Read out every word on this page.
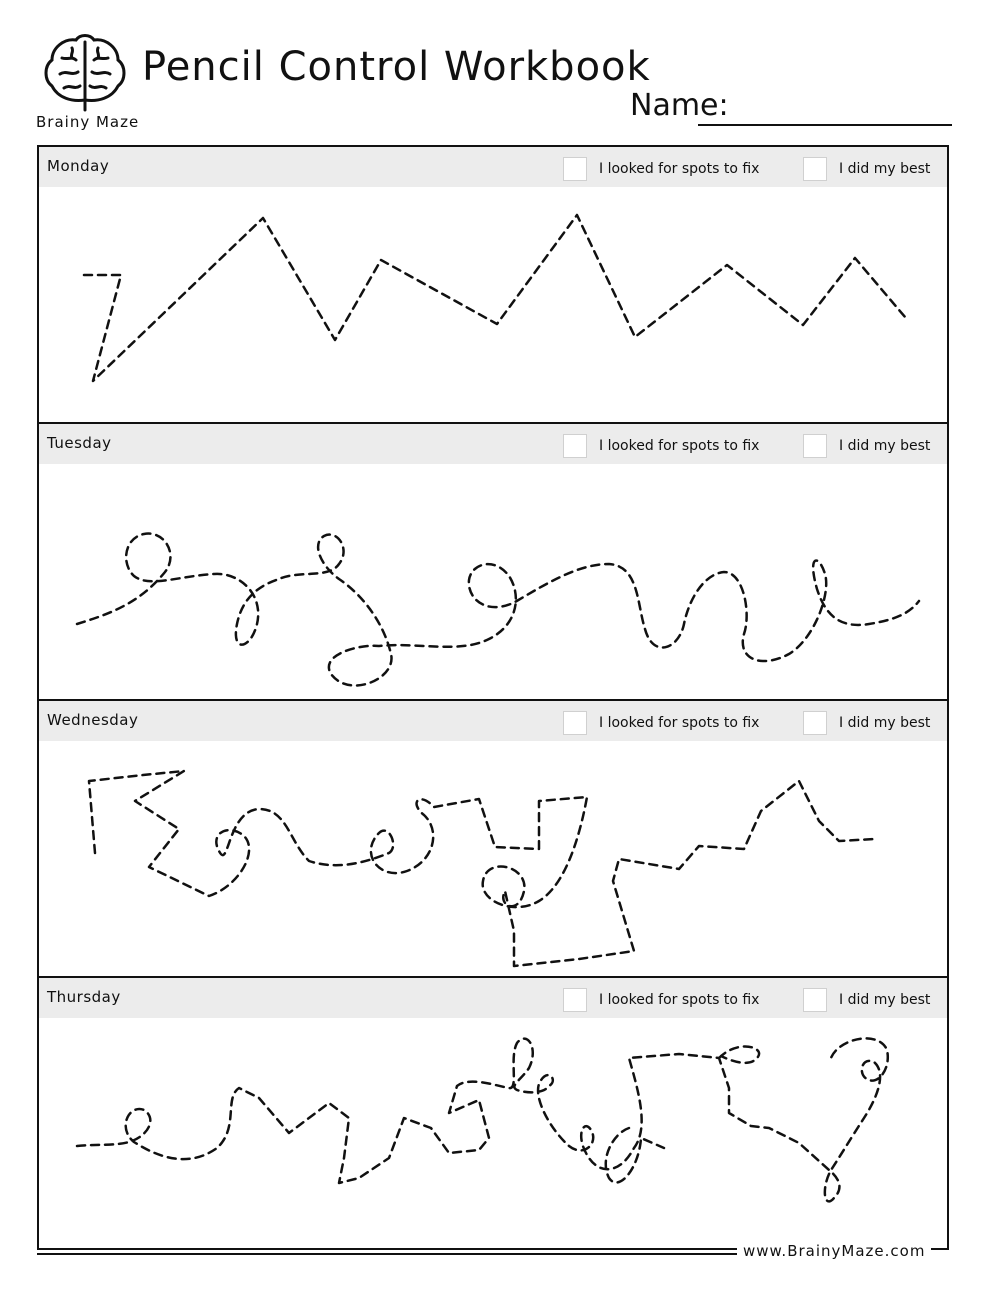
Brainy Maze
Pencil Control Workbook
Name:
Monday	I looked for spots to fix	I did my best
Tuesday	I looked for spots to fix	I did my best
Wednesday	I looked for spots to fix	I did my best
Thursday	I looked for spots to fix	I did my best
www.BrainyMaze.com
